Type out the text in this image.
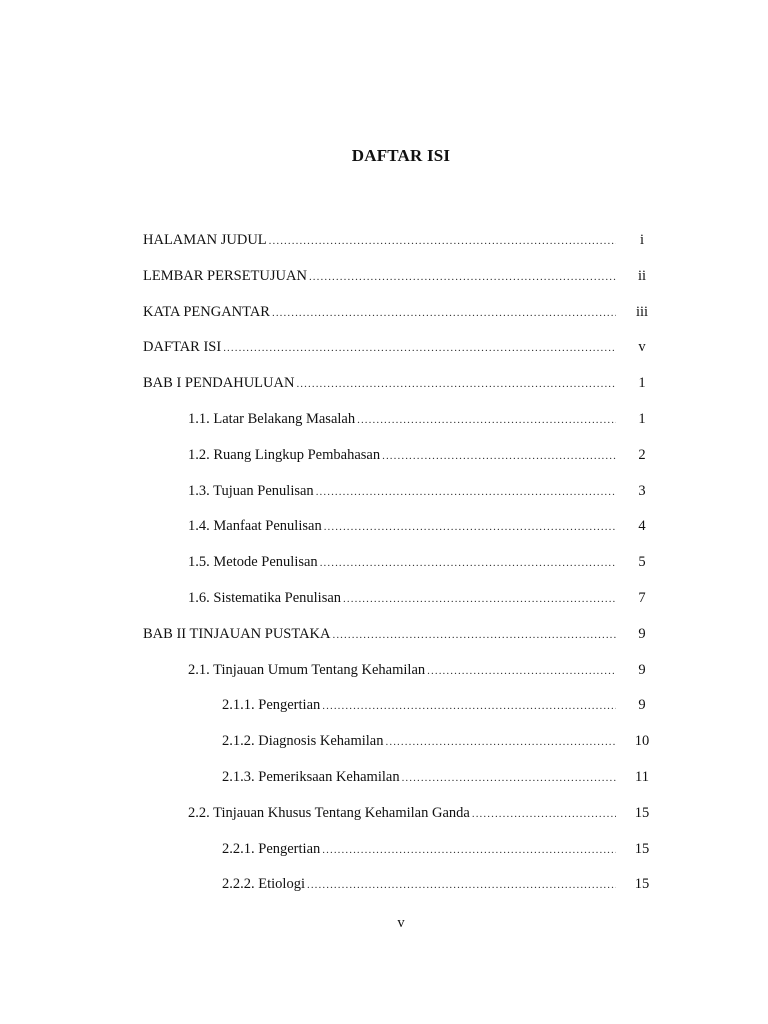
DAFTAR ISI
HALAMAN JUDUL .....	i
LEMBAR PERSETUJUAN .....	ii
KATA PENGANTAR .....	iii
DAFTAR ISI .....	v
BAB I PENDAHULUAN .....	1
1.1. Latar Belakang Masalah .....	1
1.2. Ruang Lingkup Pembahasan .....	2
1.3. Tujuan Penulisan .....	3
1.4. Manfaat Penulisan .....	4
1.5. Metode Penulisan .....	5
1.6. Sistematika Penulisan .....	7
BAB II TINJAUAN PUSTAKA .....	9
2.1. Tinjauan Umum Tentang Kehamilan .....	9
2.1.1. Pengertian .....	9
2.1.2. Diagnosis Kehamilan .....	10
2.1.3. Pemeriksaan Kehamilan .....	11
2.2. Tinjauan Khusus Tentang Kehamilan Ganda .....	15
2.2.1. Pengertian .....	15
2.2.2. Etiologi .....	15
v
